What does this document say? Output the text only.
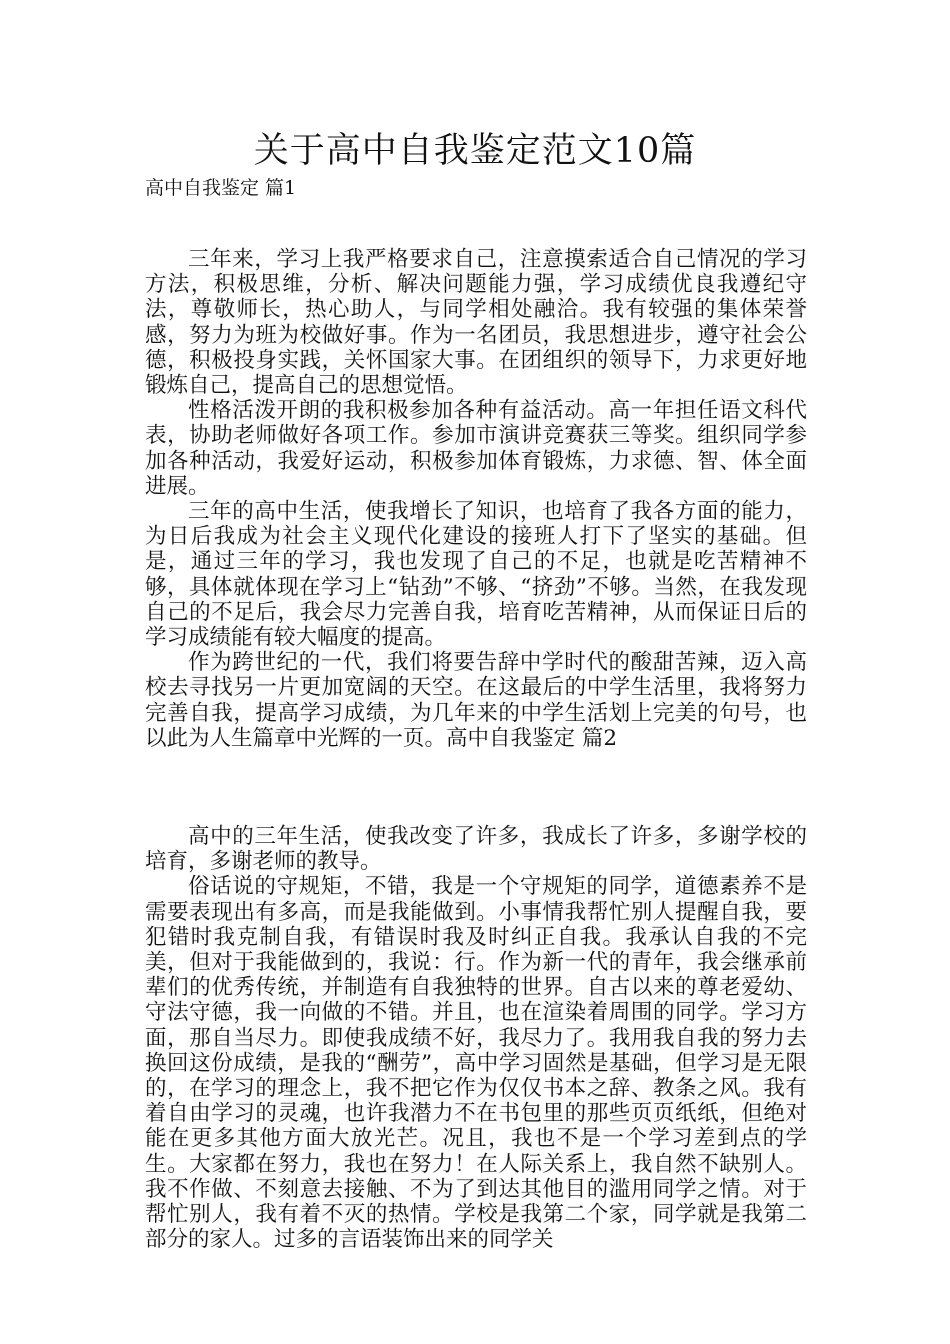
关于高中自我鉴定范文10篇
高中自我鉴定 篇1

三年来，学习上我严格要求自己，注意摸索适合自己情况的学习方法，积极思维，分析、解决问题能力强，学习成绩优良我遵纪守法，尊敬师长，热心助人，与同学相处融洽。我有较强的集体荣誉感，努力为班为校做好事。作为一名团员，我思想进步，遵守社会公德，积极投身实践，关怀国家大事。在团组织的领导下，力求更好地锻炼自己，提高自己的思想觉悟。

性格活泼开朗的我积极参加各种有益活动。高一年担任语文科代表，协助老师做好各项工作。参加市演讲竞赛获三等奖。组织同学参加各种活动，我爱好运动，积极参加体育锻炼，力求德、智、体全面进展。

三年的高中生活，使我增长了知识，也培育了我各方面的能力，为日后我成为社会主义现代化建设的接班人打下了坚实的基础。但是，通过三年的学习，我也发现了自己的不足，也就是吃苦精神不够，具体就体现在学习上“钻劲”不够、“挤劲”不够。当然，在我发现自己的不足后，我会尽力完善自我，培育吃苦精神，从而保证日后的学习成绩能有较大幅度的提高。

作为跨世纪的一代，我们将要告辞中学时代的酸甜苦辣，迈入高校去寻找另一片更加宽阔的天空。在这最后的中学生活里，我将努力完善自我，提高学习成绩，为几年来的中学生活划上完美的句号，也以此为人生篇章中光辉的一页。高中自我鉴定 篇2

高中的三年生活，使我改变了许多，我成长了许多，多谢学校的培育，多谢老师的教导。

俗话说的守规矩，不错，我是一个守规矩的同学，道德素养不是需要表现出有多高，而是我能做到。小事情我帮忙别人提醒自我，要犯错时我克制自我，有错误时我及时纠正自我。我承认自我的不完美，但对于我能做到的，我说：行。作为新一代的青年，我会继承前辈们的优秀传统，并制造有自我独特的世界。自古以来的尊老爱幼、守法守德，我一向做的不错。并且，也在渲染着周围的同学。学习方面，那自当尽力。即使我成绩不好，我尽力了。我用我自我的努力去换回这份成绩，是我的“酬劳”，高中学习固然是基础，但学习是无限的，在学习的理念上，我不把它作为仅仅书本之辞、教条之风。我有着自由学习的灵魂，也许我潜力不在书包里的那些页页纸纸，但绝对能在更多其他方面大放光芒。况且，我也不是一个学习差到点的学生。大家都在努力，我也在努力！在人际关系上，我自然不缺别人。我不作做、不刻意去接触、不为了到达其他目的滥用同学之情。对于帮忙别人，我有着不灭的热情。学校是我第二个家，同学就是我第二部分的家人。过多的言语装饰出来的同学关
